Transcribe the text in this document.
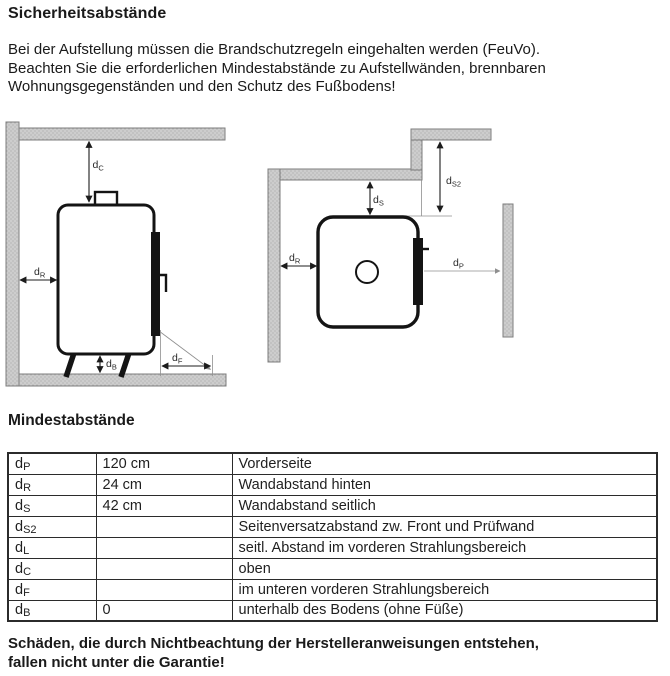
Sicherheitsabstände

Bei der Aufstellung müssen die Brandschutzregeln eingehalten werden (FeuVo).
Beachten Sie die erforderlichen Mindestabstände zu Aufstellwänden, brennbaren
Wohnungsgegenständen und den Schutz des Fußbodens!

$d_C$
$d_R$
$d_B$
$d_F$
$d_S$
$d_{S2}$
$d_R$	$d_P$
Mindestabstände
$d_P$	120 cm	Vorderseite
$d_R$	24 cm	Wandabstand hinten
$d_S$	42 cm	Wandabstand seitlich
$d_{S2}$		Seitenversatzabstand zw. Front und Prüfwand
$d_L$		seitl. Abstand im vorderen Strahlungsbereich
$d_C$		oben
$d_F$		im unteren vorderen Strahlungsbereich
$d_B$	0	unterhalb des Bodens (ohne Füße)

Schäden, die durch Nichtbeachtung der Herstelleranweisungen entstehen,
fallen nicht unter die Garantie!
